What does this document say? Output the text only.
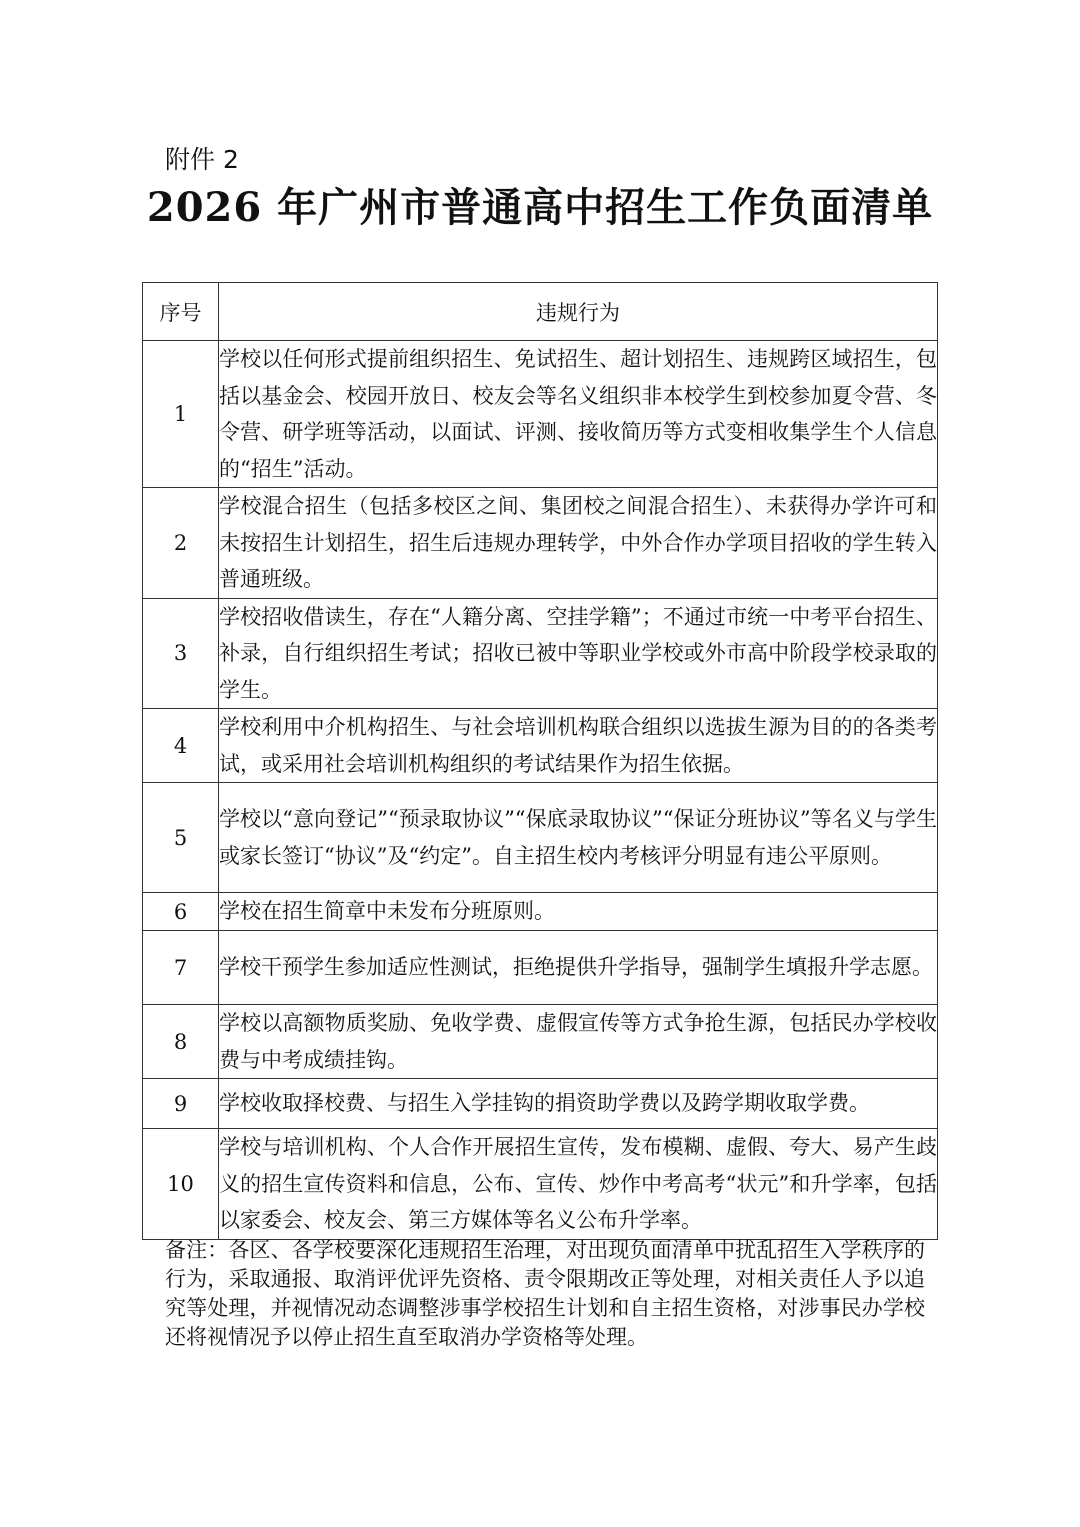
附件 2
2026 年广州市普通高中招生工作负面清单
序号	违规行为
1	学校以任何形式提前组织招生、免试招生、超计划招生、违规跨区域招生，包括以基金会、校园开放日、校友会等名义组织非本校学生到校参加夏令营、冬令营、研学班等活动，以面试、评测、接收简历等方式变相收集学生个人信息的“招生”活动。
2	学校混合招生（包括多校区之间、集团校之间混合招生）、未获得办学许可和未按招生计划招生，招生后违规办理转学，中外合作办学项目招收的学生转入普通班级。
3	学校招收借读生，存在“人籍分离、空挂学籍”；不通过市统一中考平台招生、补录，自行组织招生考试；招收已被中等职业学校或外市高中阶段学校录取的学生。
4	学校利用中介机构招生、与社会培训机构联合组织以选拔生源为目的的各类考试，或采用社会培训机构组织的考试结果作为招生依据。
5	学校以“意向登记”“预录取协议”“保底录取协议”“保证分班协议”等名义与学生或家长签订“协议”及“约定”。自主招生校内考核评分明显有违公平原则。
6	学校在招生简章中未发布分班原则。
7	学校干预学生参加适应性测试，拒绝提供升学指导，强制学生填报升学志愿。
8	学校以高额物质奖励、免收学费、虚假宣传等方式争抢生源，包括民办学校收费与中考成绩挂钩。
9	学校收取择校费、与招生入学挂钩的捐资助学费以及跨学期收取学费。
10	学校与培训机构、个人合作开展招生宣传，发布模糊、虚假、夸大、易产生歧义的招生宣传资料和信息，公布、宣传、炒作中考高考“状元”和升学率，包括以家委会、校友会、第三方媒体等名义公布升学率。
备注：各区、各学校要深化违规招生治理，对出现负面清单中扰乱招生入学秩序的行为，采取通报、取消评优评先资格、责令限期改正等处理，对相关责任人予以追究等处理，并视情况动态调整涉事学校招生计划和自主招生资格，对涉事民办学校还将视情况予以停止招生直至取消办学资格等处理。
